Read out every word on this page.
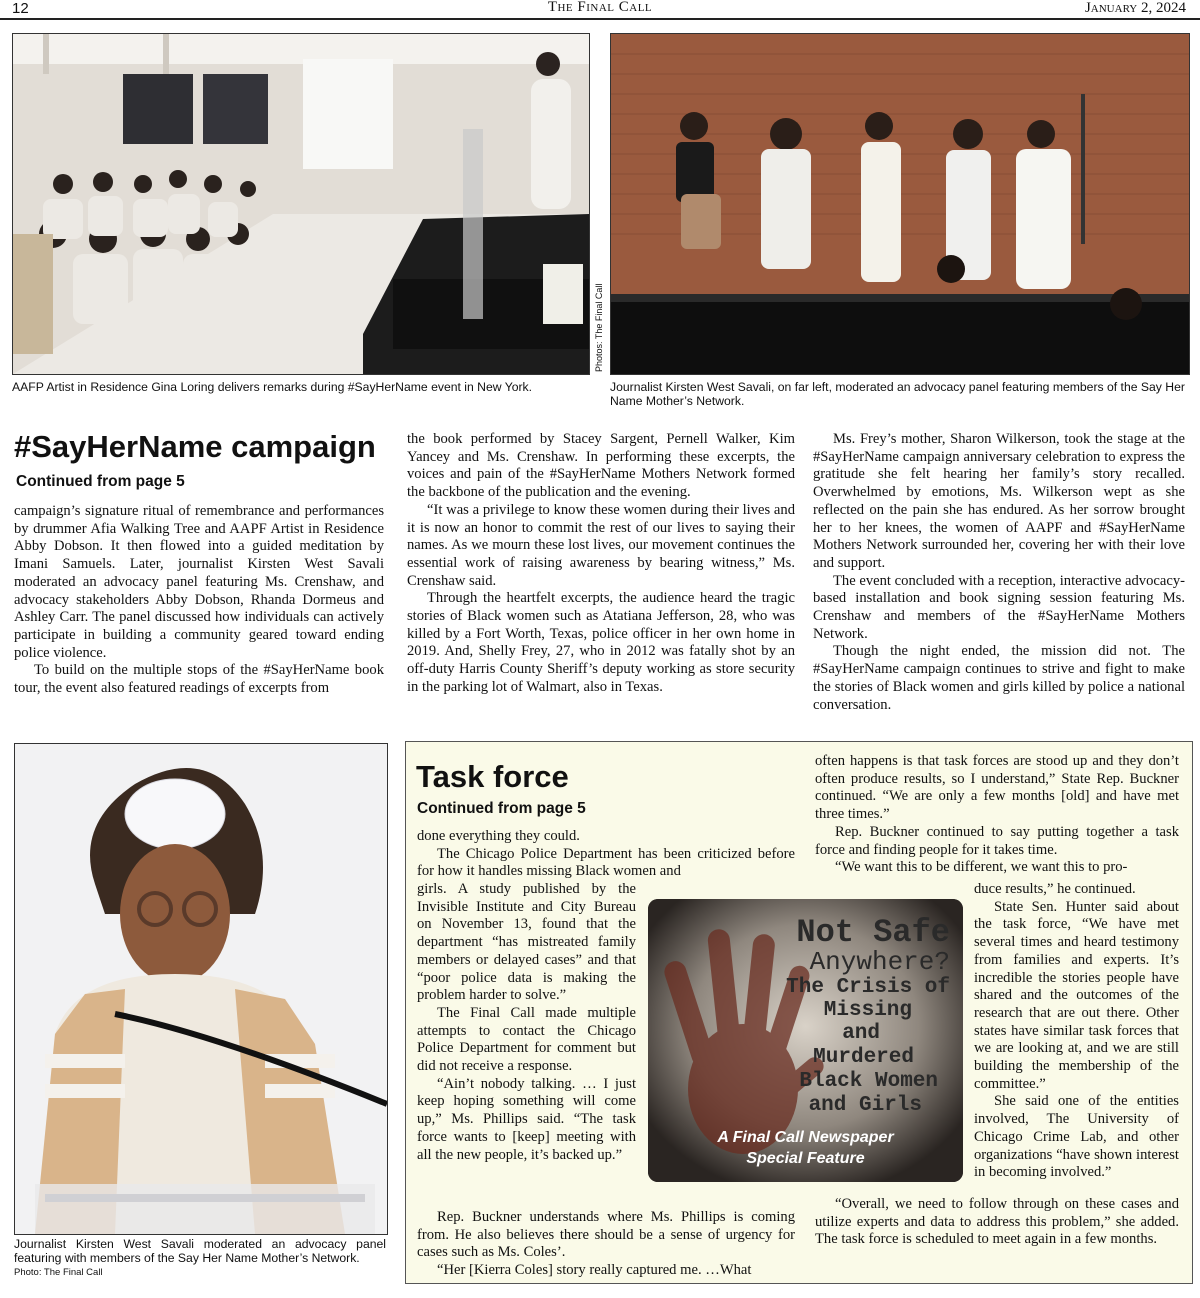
12	The Final Call	January 2, 2024
AAFP Artist in Residence Gina Loring delivers remarks during #SayHerName event in New York.
Photos: The Final Call
Journalist Kirsten West Savali, on far left, moderated an advocacy panel featuring members of the Say Her Name Mother’s Network.
#SayHerName campaign
Continued from page 5

campaign’s signature ritual of remembrance and performances by drummer Afia Walking Tree and AAPF Artist in Residence Abby Dobson. It then flowed into a guided meditation by Imani Samuels. Later, journalist Kirsten West Savali moderated an advocacy panel featuring Ms. Crenshaw, and advocacy stakeholders Abby Dobson, Rhanda Dormeus and Ashley Carr. The panel discussed how individuals can actively participate in building a community geared toward ending police violence.

To build on the multiple stops of the #SayHerName book tour, the event also featured readings of excerpts from

the book performed by Stacey Sargent, Pernell Walker, Kim Yancey and Ms. Crenshaw. In performing these excerpts, the voices and pain of the #SayHerName Mothers Network formed the backbone of the publication and the evening.

“It was a privilege to know these women during their lives and it is now an honor to commit the rest of our lives to saying their names. As we mourn these lost lives, our movement continues the essential work of raising awareness by bearing witness,” Ms. Crenshaw said.

Through the heartfelt excerpts, the audience heard the tragic stories of Black women such as Atatiana Jefferson, 28, who was killed by a Fort Worth, Texas, police officer in her own home in 2019. And, Shelly Frey, 27, who in 2012 was fatally shot by an off-duty Harris County Sheriff’s deputy working as store security in the parking lot of Walmart, also in Texas.

Ms. Frey’s mother, Sharon Wilkerson, took the stage at the #SayHerName campaign anniversary celebration to express the gratitude she felt hearing her family’s story recalled. Overwhelmed by emotions, Ms. Wilkerson wept as she reflected on the pain she has endured. As her sorrow brought her to her knees, the women of AAPF and #SayHerName Mothers Network surrounded her, covering her with their love and support.

The event concluded with a reception, interactive advocacy-based installation and book signing session featuring Ms. Crenshaw and members of the #SayHerName Mothers Network.

Though the night ended, the mission did not. The #SayHerName campaign continues to strive and fight to make the stories of Black women and girls killed by police a national conversation.

Journalist Kirsten West Savali moderated an advocacy panel featuring with members of the Say Her Name Mother’s Network.
Photo: The Final Call
Task force
Continued from page 5

done everything they could.

The Chicago Police Department has been criticized before for how it handles missing Black women and

girls. A study published by the Invisible Institute and City Bureau on November 13, found that the department “has mistreated family members or delayed cases” and that “poor police data is making the problem harder to solve.”

The Final Call made multiple attempts to contact the Chicago Police Department for comment but did not receive a response.

“Ain’t nobody talking. … I just keep hoping something will come up,” Ms. Phillips said. “The task force wants to [keep] meeting with all the new people, it’s backed up.”

Rep. Buckner understands where Ms. Phillips is coming from. He also believes there should be a sense of urgency for cases such as Ms. Coles’.

“Her [Kierra Coles] story really captured me. …What

often happens is that task forces are stood up and they don’t often produce results, so I understand,” State Rep. Buckner continued. “We are only a few months [old] and have met three times.”

Rep. Buckner continued to say putting together a task force and finding people for it takes time.

“We want this to be different, we want this to pro-

duce results,” he continued.

State Sen. Hunter said about the task force, “We have met several times and heard testimony from families and experts. It’s incredible the stories people have shared and the outcomes of the research that are out there. Other states have similar task forces that we are looking at, and we are still building the membership of the committee.”

She said one of the entities involved, The University of Chicago Crime Lab, and other organizations “have shown interest in becoming involved.”

“Overall, we need to follow through on these cases and utilize experts and data to address this problem,” she added. The task force is scheduled to meet again in a few months.

Not Safe
Anywhere?
The Crisis of
Missing
and
Murdered
Black Women
and Girls
A Final Call Newspaper
Special Feature
